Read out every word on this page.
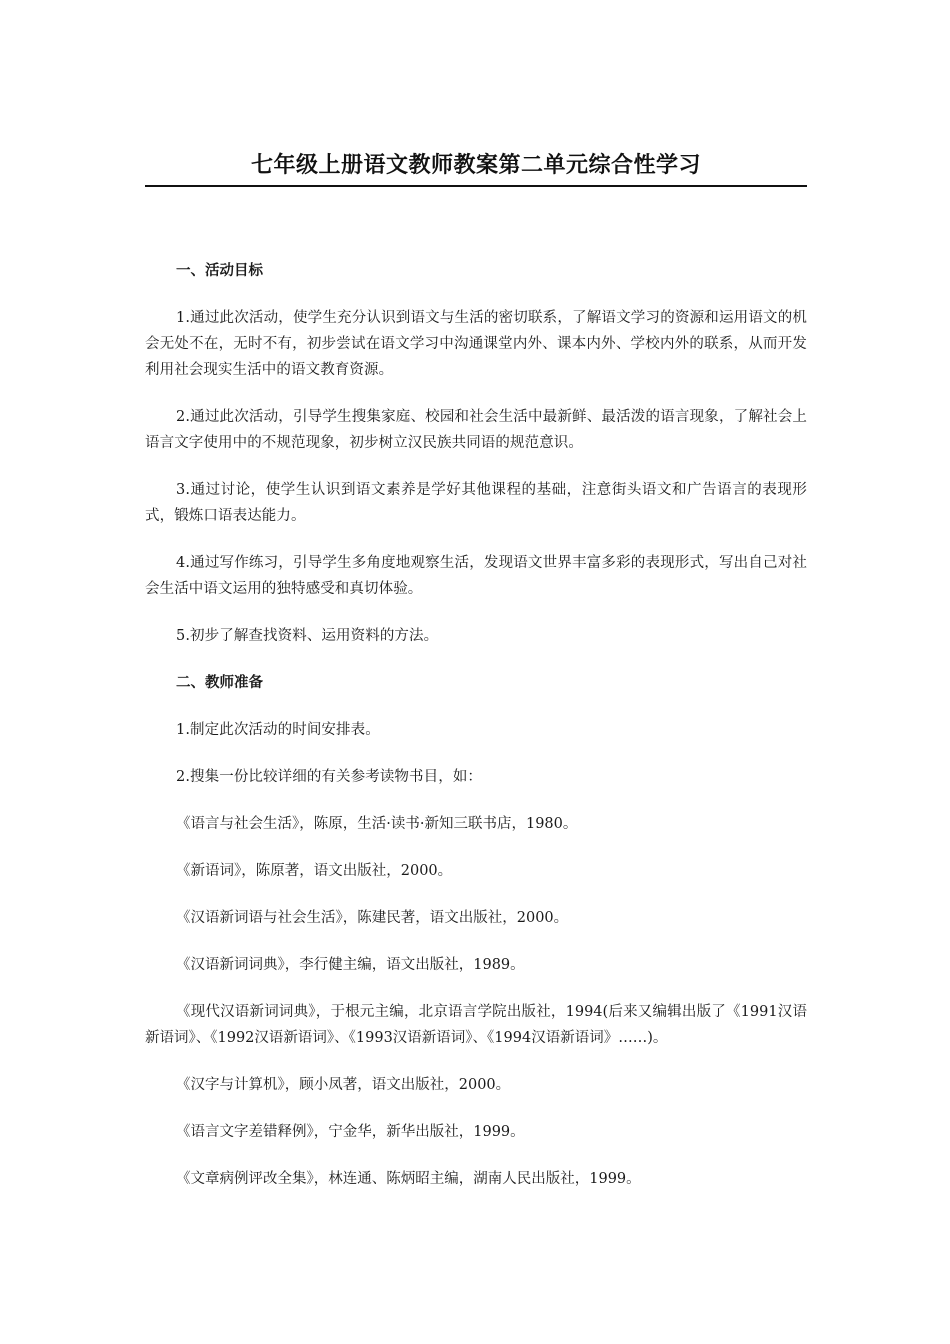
七年级上册语文教师教案第二单元综合性学习

一、活动目标

1.通过此次活动，使学生充分认识到语文与生活的密切联系，了解语文学习的资源和运用语文的机会无处不在，无时不有，初步尝试在语文学习中沟通课堂内外、课本内外、学校内外的联系，从而开发利用社会现实生活中的语文教育资源。

2.通过此次活动，引导学生搜集家庭、校园和社会生活中最新鲜、最活泼的语言现象，了解社会上语言文字使用中的不规范现象，初步树立汉民族共同语的规范意识。

3.通过讨论，使学生认识到语文素养是学好其他课程的基础，注意街头语文和广告语言的表现形式，锻炼口语表达能力。

4.通过写作练习，引导学生多角度地观察生活，发现语文世界丰富多彩的表现形式，写出自己对社会生活中语文运用的独特感受和真切体验。

5.初步了解查找资料、运用资料的方法。

二、教师准备

1.制定此次活动的时间安排表。

2.搜集一份比较详细的有关参考读物书目，如：

《语言与社会生活》，陈原，生活·读书·新知三联书店，1980。

《新语词》，陈原著，语文出版社，2000。

《汉语新词语与社会生活》，陈建民著，语文出版社，2000。

《汉语新词词典》，李行健主编，语文出版社，1989。

《现代汉语新词词典》，于根元主编，北京语言学院出版社，1994(后来又编辑出版了《1991汉语新语词》、《1992汉语新语词》、《1993汉语新语词》、《1994汉语新语词》……)。

《汉字与计算机》，顾小凤著，语文出版社，2000。

《语言文字差错释例》，宁金华，新华出版社，1999。

《文章病例评改全集》，林连通、陈炳昭主编，湖南人民出版社，1999。
